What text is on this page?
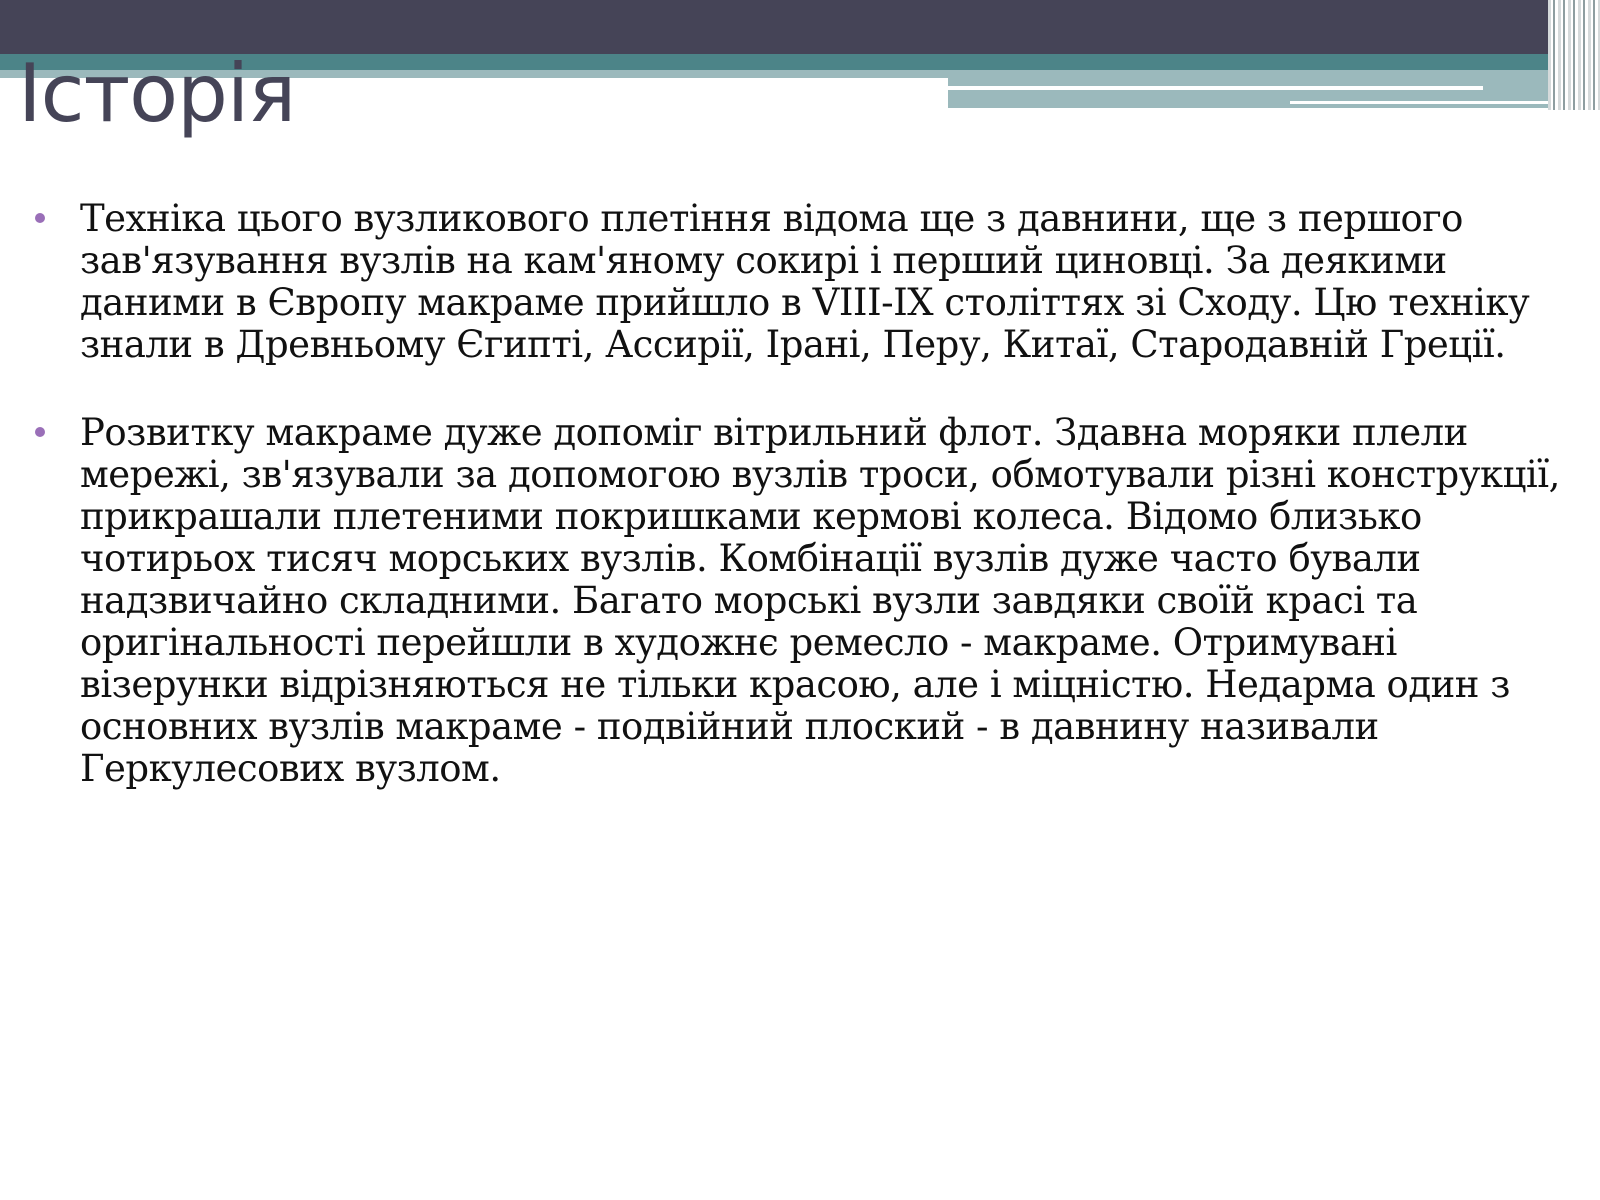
Історія
Техніка цього вузликового плетіння відома ще з давнини, ще з першого зав'язування вузлів на кам'яному сокирі і перший циновці. За деякими даними в Європу макраме прийшло в VIII-IX століттях зі Сходу. Цю техніку знали в Древньому Єгипті, Ассирії, Ірані, Перу, Китаї, Стародавній Греції.
Розвитку макраме дуже допоміг вітрильний флот. Здавна моряки плели мережі, зв'язували за допомогою вузлів троси, обмотували різні конструкції, прикрашали плетеними покришками кермові колеса. Відомо близько чотирьох тисяч морських вузлів. Комбінації вузлів дуже часто бували надзвичайно складними. Багато морські вузли завдяки своїй красі та оригінальності перейшли в художнє ремесло - макраме. Отримувані візерунки відрізняються не тільки красою, але і міцністю. Недарма один з основних вузлів макраме - подвійний плоский - в давнину називали Геркулесових вузлом.
